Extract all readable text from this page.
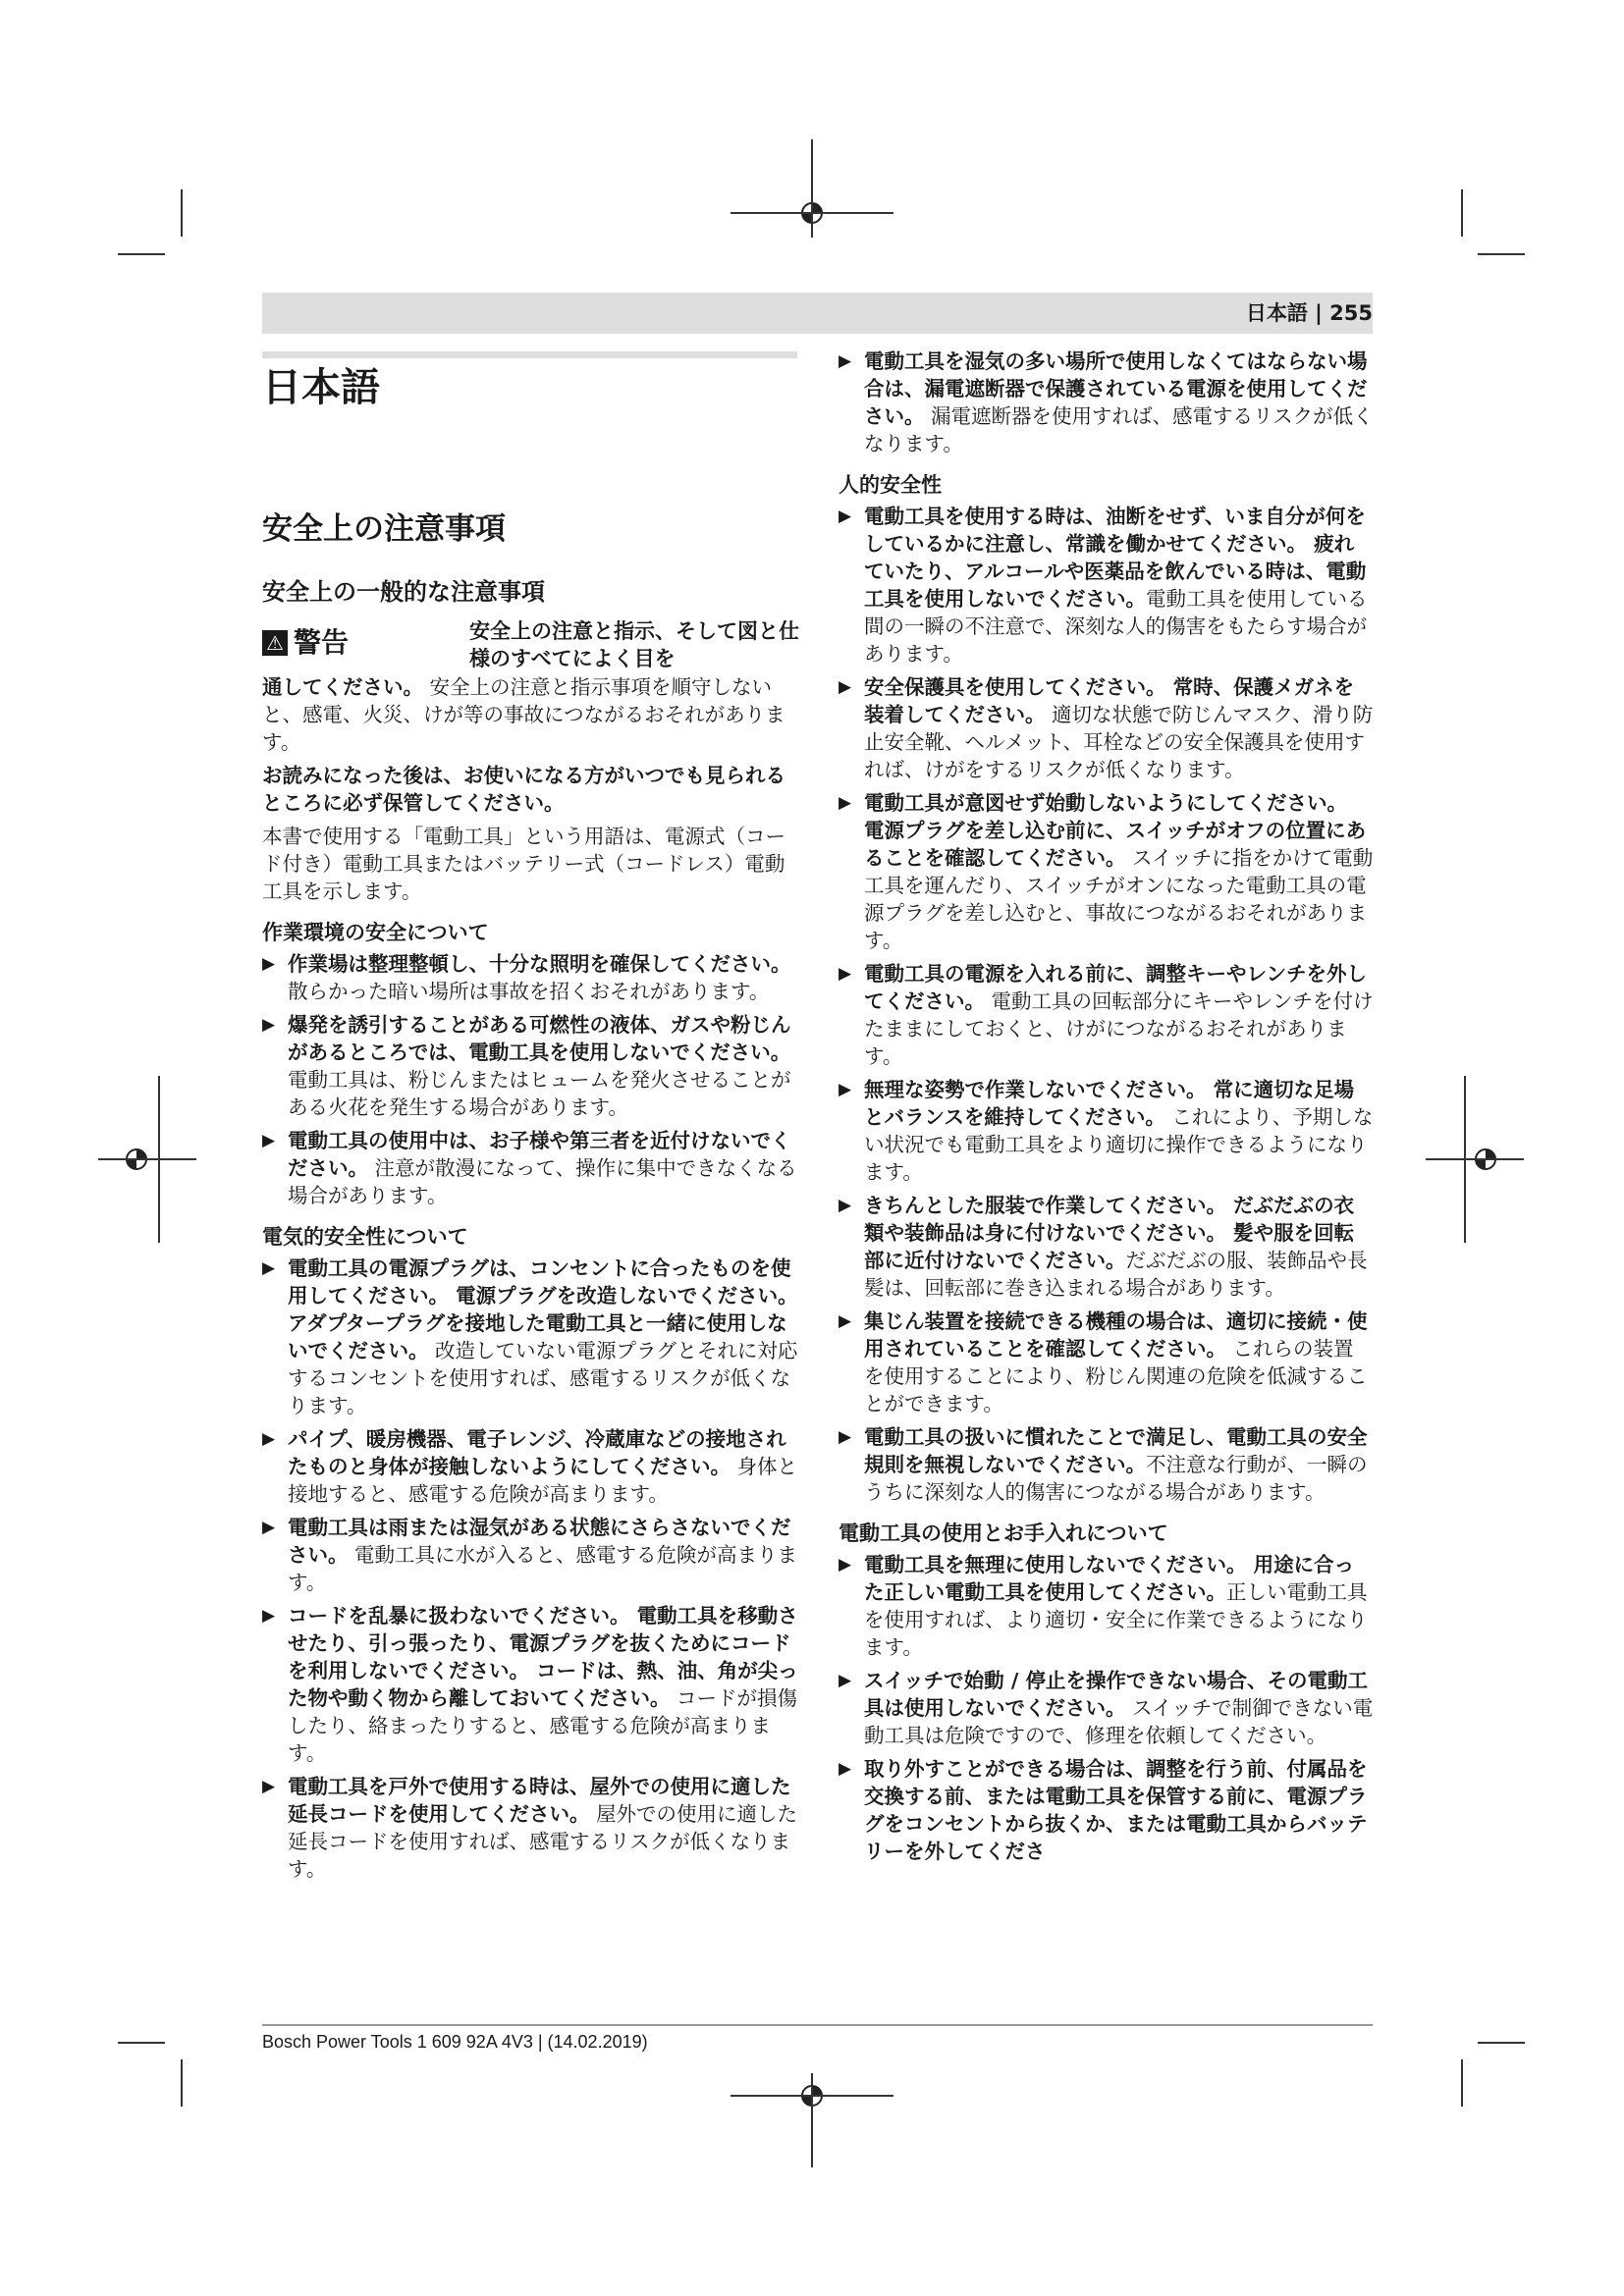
日本語 | 255
日本語
安全上の注意事項
安全上の一般的な注意事項
⚠ 警告	安全上の注意と指示、そして図と仕様のすべてによく目を

通してください。 安全上の注意と指示事項を順守しないと、感電、火災、けが等の事故につながるおそれがあります。

お読みになった後は、お使いになる方がいつでも見られるところに必ず保管してください。

本書で使用する「電動工具」という用語は、電源式（コード付き）電動工具またはバッテリー式（コードレス）電動工具を示します。

作業環境の安全について

▶ 作業場は整理整頓し、十分な照明を確保してください。散らかった暗い場所は事故を招くおそれがあります。
▶ 爆発を誘引することがある可燃性の液体、ガスや粉じんがあるところでは、電動工具を使用しないでください。電動工具は、粉じんまたはヒュームを発火させることがある火花を発生する場合があります。
▶ 電動工具の使用中は、お子様や第三者を近付けないでください。 注意が散漫になって、操作に集中できなくなる場合があります。

電気的安全性について

▶ 電動工具の電源プラグは、コンセントに合ったものを使用してください。 電源プラグを改造しないでください。 アダプタープラグを接地した電動工具と一緒に使用しないでください。 改造していない電源プラグとそれに対応するコンセントを使用すれば、感電するリスクが低くなります。
▶ パイプ、暖房機器、電子レンジ、冷蔵庫などの接地されたものと身体が接触しないようにしてください。 身体と接地すると、感電する危険が高まります。
▶ 電動工具は雨または湿気がある状態にさらさないでください。 電動工具に水が入ると、感電する危険が高まります。
▶ コードを乱暴に扱わないでください。 電動工具を移動させたり、引っ張ったり、電源プラグを抜くためにコードを利用しないでください。 コードは、熱、油、角が尖った物や動く物から離しておいてください。 コードが損傷したり、絡まったりすると、感電する危険が高まります。
▶ 電動工具を戸外で使用する時は、屋外での使用に適した延長コードを使用してください。 屋外での使用に適した延長コードを使用すれば、感電するリスクが低くなります。
▶ 電動工具を湿気の多い場所で使用しなくてはならない場合は、漏電遮断器で保護されている電源を使用してください。 漏電遮断器を使用すれば、感電するリスクが低くなります。

人的安全性

▶ 電動工具を使用する時は、油断をせず、いま自分が何をしているかに注意し、常識を働かせてください。 疲れていたり、アルコールや医薬品を飲んでいる時は、電動工具を使用しないでください。電動工具を使用している間の一瞬の不注意で、深刻な人的傷害をもたらす場合があります。
▶ 安全保護具を使用してください。 常時、保護メガネを装着してください。 適切な状態で防じんマスク、滑り防止安全靴、ヘルメット、耳栓などの安全保護具を使用すれば、けがをするリスクが低くなります。
▶ 電動工具が意図せず始動しないようにしてください。 電源プラグを差し込む前に、スイッチがオフの位置にあることを確認してください。 スイッチに指をかけて電動工具を運んだり、スイッチがオンになった電動工具の電源プラグを差し込むと、事故につながるおそれがあります。
▶ 電動工具の電源を入れる前に、調整キーやレンチを外してください。 電動工具の回転部分にキーやレンチを付けたままにしておくと、けがにつながるおそれがあります。
▶ 無理な姿勢で作業しないでください。 常に適切な足場とバランスを維持してください。 これにより、予期しない状況でも電動工具をより適切に操作できるようになります。
▶ きちんとした服装で作業してください。 だぶだぶの衣類や装飾品は身に付けないでください。 髪や服を回転部に近付けないでください。だぶだぶの服、装飾品や長髪は、回転部に巻き込まれる場合があります。
▶ 集じん装置を接続できる機種の場合は、適切に接続・使用されていることを確認してください。 これらの装置を使用することにより、粉じん関連の危険を低減することができます。
▶ 電動工具の扱いに慣れたことで満足し、電動工具の安全規則を無視しないでください。不注意な行動が、一瞬のうちに深刻な人的傷害につながる場合があります。

電動工具の使用とお手入れについて

▶ 電動工具を無理に使用しないでください。 用途に合った正しい電動工具を使用してください。正しい電動工具を使用すれば、より適切・安全に作業できるようになります。
▶ スイッチで始動 / 停止を操作できない場合、その電動工具は使用しないでください。 スイッチで制御できない電動工具は危険ですので、修理を依頼してください。
▶ 取り外すことができる場合は、調整を行う前、付属品を交換する前、または電動工具を保管する前に、電源プラグをコンセントから抜くか、または電動工具からバッテリーを外してくださ
Bosch Power Tools 1 609 92A 4V3 | (14.02.2019)
